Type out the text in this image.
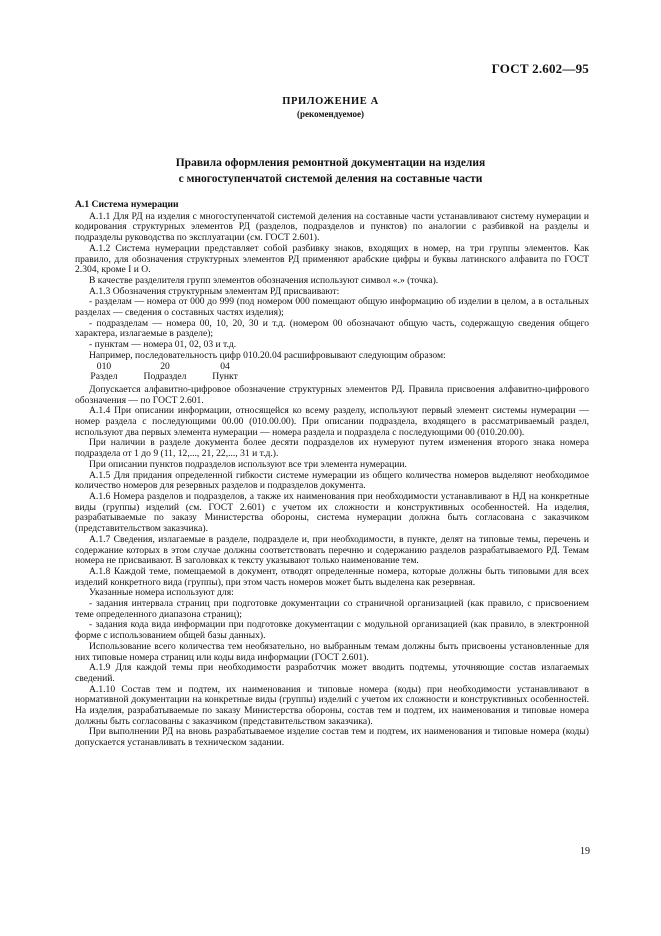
ГОСТ 2.602—95
ПРИЛОЖЕНИЕ А
(рекомендуемое)
Правила оформления ремонтной документации на изделия
с многоступенчатой системой деления на составные части

А.1 Система нумерации

А.1.1 Для РД на изделия с многоступенчатой системой деления на составные части устанавливают систему нумерации и кодирования структурных элементов РД (разделов, подразделов и пунктов) по аналогии с разбивкой на разделы и подразделы руководства по эксплуатации (см. ГОСТ 2.601).

А.1.2 Система нумерации представляет собой разбивку знаков, входящих в номер, на три группы элементов. Как правило, для обозначения структурных элементов РД применяют арабские цифры и буквы латинского алфавита по ГОСТ 2.304, кроме I и O.

В качестве разделителя групп элементов обозначения используют символ «.» (точка).

А.1.3 Обозначения структурным элементам РД присваивают:

- разделам — номера от 000 до 999 (под номером 000 помещают общую информацию об изделии в целом, а в остальных разделах — сведения о составных частях изделия);

- подразделам — номера 00, 10, 20, 30 и т.д. (номером 00 обозначают общую часть, содержащую сведения общего характера, излагаемые в разделе);

- пунктам — номера 01, 02, 03 и т.д.

Например, последовательность цифр 010.20.04 расшифровывают следующим образом:

010	20	04
Раздел	Подраздел	Пункт

Допускается алфавитно-цифровое обозначение структурных элементов РД. Правила присвоения алфавитно-цифрового обозначения — по ГОСТ 2.601.

А.1.4 При описании информации, относящейся ко всему разделу, используют первый элемент системы нумерации — номер раздела с последующими 00.00 (010.00.00). При описании подраздела, входящего в рассматриваемый раздел, используют два первых элемента нумерации — номера раздела и подраздела с последующими 00 (010.20.00).

При наличии в разделе документа более десяти подразделов их нумеруют путем изменения второго знака номера подраздела от 1 до 9 (11, 12,..., 21, 22,..., 31 и т.д.).

При описании пунктов подразделов используют все три элемента нумерации.

А.1.5 Для придания определенной гибкости системе нумерации из общего количества номеров выделяют необходимое количество номеров для резервных разделов и подразделов документа.

А.1.6 Номера разделов и подразделов, а также их наименования при необходимости устанавливают в НД на конкретные виды (группы) изделий (см. ГОСТ 2.601) с учетом их сложности и конструктивных особенностей. На изделия, разрабатываемые по заказу Министерства обороны, система нумерации должна быть согласована с заказчиком (представительством заказчика).

А.1.7 Сведения, излагаемые в разделе, подразделе и, при необходимости, в пункте, делят на типовые темы, перечень и содержание которых в этом случае должны соответствовать перечню и содержанию разделов разрабатываемого РД. Темам номера не присваивают. В заголовках к тексту указывают только наименование тем.

А.1.8 Каждой теме, помещаемой в документ, отводят определенные номера, которые должны быть типовыми для всех изделий конкретного вида (группы), при этом часть номеров может быть выделена как резервная.

Указанные номера используют для:

- задания интервала страниц при подготовке документации со страничной организацией (как правило, с присвоением теме определенного диапазона страниц);

- задания кода вида информации при подготовке документации с модульной организацией (как правило, в электронной форме с использованием общей базы данных).

Использование всего количества тем необязательно, но выбранным темам должны быть присвоены установленные для них типовые номера страниц или коды вида информации (ГОСТ 2.601).

А.1.9 Для каждой темы при необходимости разработчик может вводить подтемы, уточняющие состав излагаемых сведений.

А.1.10 Состав тем и подтем, их наименования и типовые номера (коды) при необходимости устанавливают в нормативной документации на конкретные виды (группы) изделий с учетом их сложности и конструктивных особенностей. На изделия, разрабатываемые по заказу Министерства обороны, состав тем и подтем, их наименования и типовые номера должны быть согласованы с заказчиком (представительством заказчика).

При выполнении РД на вновь разрабатываемое изделие состав тем и подтем, их наименования и типовые номера (коды) допускается устанавливать в техническом задании.

19
